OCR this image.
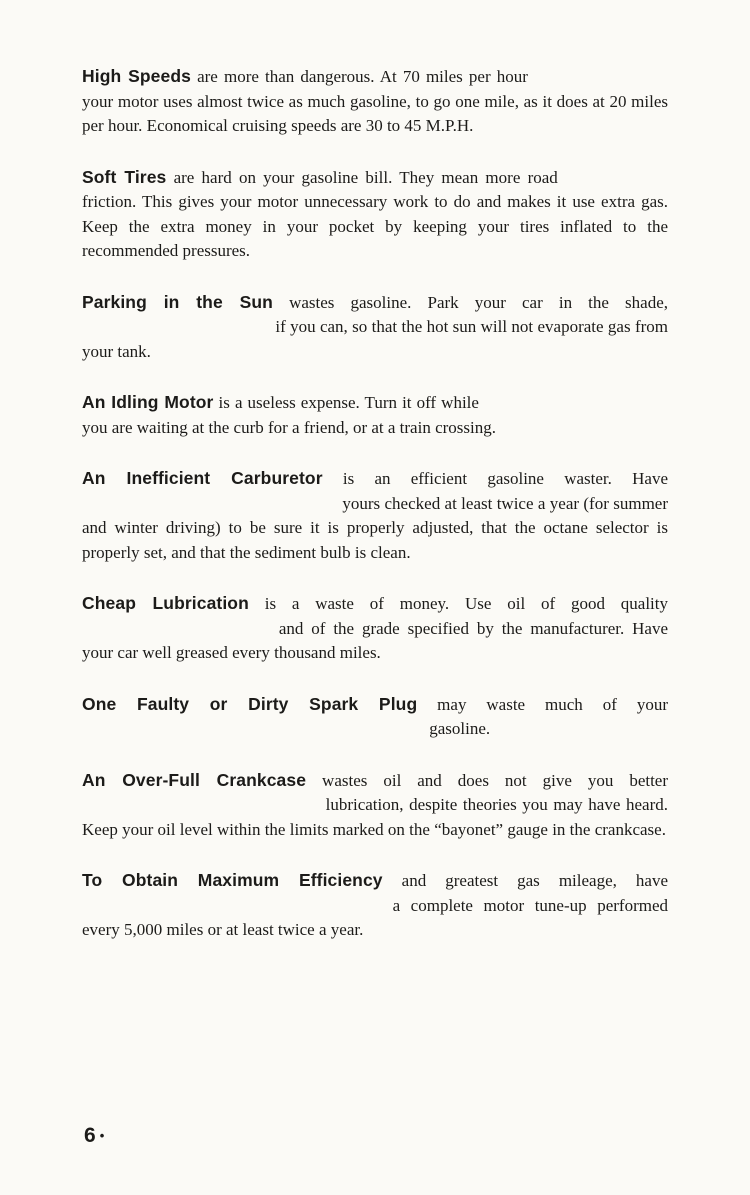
High Speeds are more than dangerous. At 70 miles per hour  your motor uses almost twice as much gasoline, to go one mile, as it does at 20 miles per hour. Economical cruising speeds are 30 to 45 M.P.H.

Soft Tires are hard on your gasoline bill. They mean more road  friction. This gives your motor unnecessary work to do and makes it use extra gas. Keep the extra money in your pocket by keeping your tires inflated to the recommended pressures.

Parking in the Sun wastes gasoline. Park your car in the shade,  if you can, so that the hot sun will not evaporate gas from your tank.

An Idling Motor is a useless expense. Turn it off while  you are waiting at the curb for a friend, or at a train crossing.

An Inefficient Carburetor is an efficient gasoline waster. Have  yours checked at least twice a year (for summer and winter driving) to be sure it is properly adjusted, that the octane selector is properly set, and that the sediment bulb is clean.

Cheap Lubrication is a waste of money. Use oil of good quality  and of the grade specified by the manufacturer. Have your car well greased every thousand miles.

One Faulty or Dirty Spark Plug may waste much of your  gasoline.

An Over-Full Crankcase wastes oil and does not give you better  lubrication, despite theories you may have heard. Keep your oil level within the limits marked on the “bayonet” gauge in the crankcase.

To Obtain Maximum Efficiency and greatest gas mileage, have  a complete motor tune-up performed every 5,000 miles or at least twice a year.

6 •
